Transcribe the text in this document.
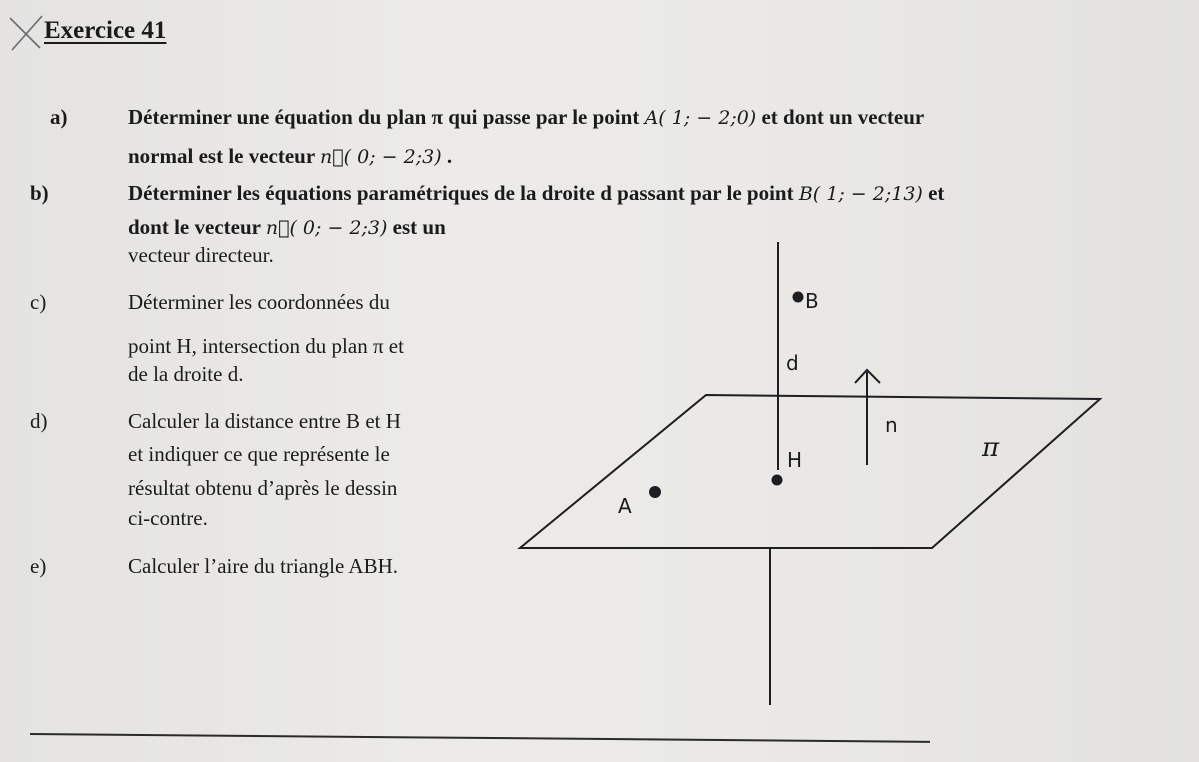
Exercice 41
a)	Déterminer une équation du plan π qui passe par le point A( 1; − 2;0) et dont un vecteur
normal est le vecteur n⃗( 0; − 2;3) .
b)	Déterminer les équations paramétriques de la droite d passant par le point B( 1; − 2;13) et
dont le vecteur n⃗( 0; − 2;3) est un
vecteur directeur.
c)	Déterminer les coordonnées du
point H, intersection du plan π et
de la droite d.
d)	Calculer la distance entre B et H
et indiquer ce que représente le
résultat obtenu d’après le dessin
ci-contre.
e)	Calculer l’aire du triangle ABH.
B
d
n
H	π
A
